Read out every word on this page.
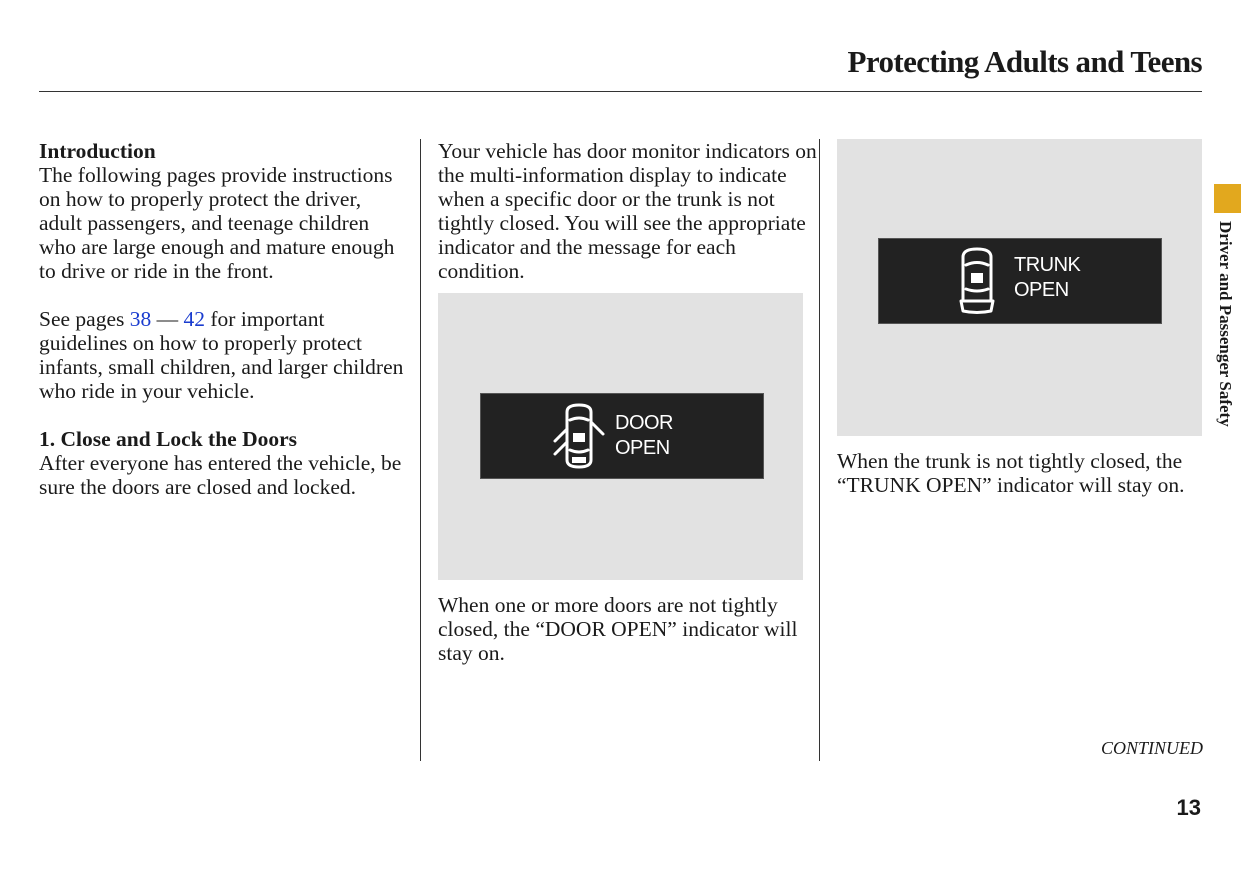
Protecting Adults and Teens

Introduction

The following pages provide instructions on how to properly protect the driver, adult passengers, and teenage children who are large enough and mature enough to drive or ride in the front.

See pages 38 — 42 for important guidelines on how to properly protect infants, small children, and larger children who ride in your vehicle.

1. Close and Lock the Doors

After everyone has entered the vehicle, be sure the doors are closed and locked.

Your vehicle has door monitor indicators on the multi-information display to indicate when a specific door or the trunk is not tightly closed. You will see the appropriate indicator and the message for each condition.

DOOR
OPEN

When one or more doors are not tightly closed, the “DOOR OPEN” indicator will stay on.

TRUNK
OPEN

When the trunk is not tightly closed, the “TRUNK OPEN” indicator will stay on.

Driver and Passenger Safety
CONTINUED
13
